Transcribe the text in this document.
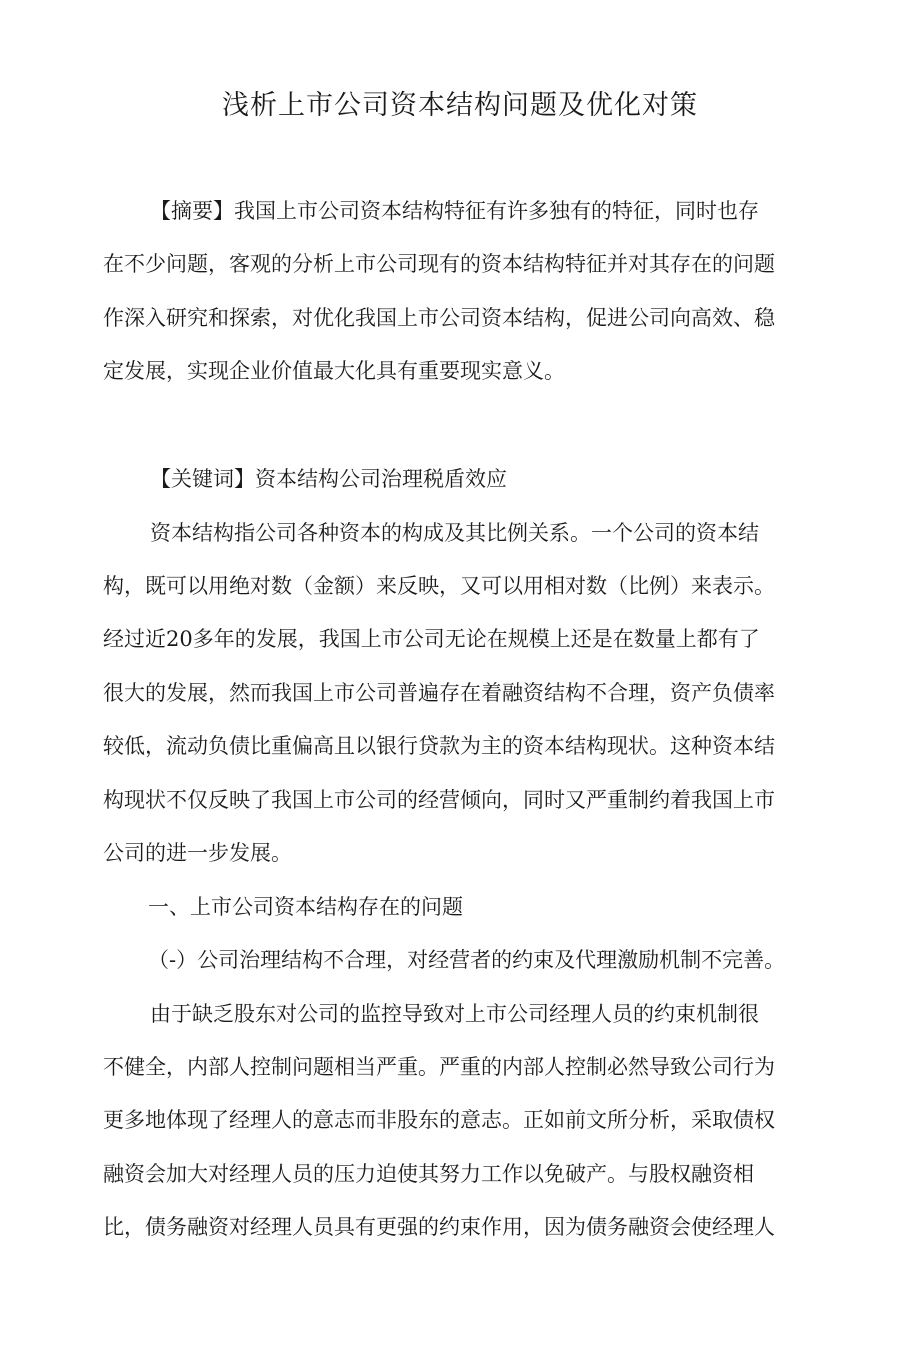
浅析上市公司资本结构问题及优化对策

【摘要】我国上市公司资本结构特征有许多独有的特征，同时也存

在不少问题，客观的分析上市公司现有的资本结构特征并对其存在的问题

作深入研究和探索，对优化我国上市公司资本结构，促进公司向高效、稳

定发展，实现企业价值最大化具有重要现实意义。

【关键词】资本结构公司治理税盾效应

资本结构指公司各种资本的构成及其比例关系。一个公司的资本结

构，既可以用绝对数（金额）来反映，又可以用相对数（比例）来表示。

经过近20多年的发展，我国上市公司无论在规模上还是在数量上都有了

很大的发展，然而我国上市公司普遍存在着融资结构不合理，资产负债率

较低，流动负债比重偏高且以银行贷款为主的资本结构现状。这种资本结

构现状不仅反映了我国上市公司的经营倾向，同时又严重制约着我国上市

公司的进一步发展。

一、上市公司资本结构存在的问题

（-）公司治理结构不合理，对经营者的约束及代理激励机制不完善。

由于缺乏股东对公司的监控导致对上市公司经理人员的约束机制很

不健全，内部人控制问题相当严重。严重的内部人控制必然导致公司行为

更多地体现了经理人的意志而非股东的意志。正如前文所分析，采取债权

融资会加大对经理人员的压力迫使其努力工作以免破产。与股权融资相

比，债务融资对经理人员具有更强的约束作用，因为债务融资会使经理人
